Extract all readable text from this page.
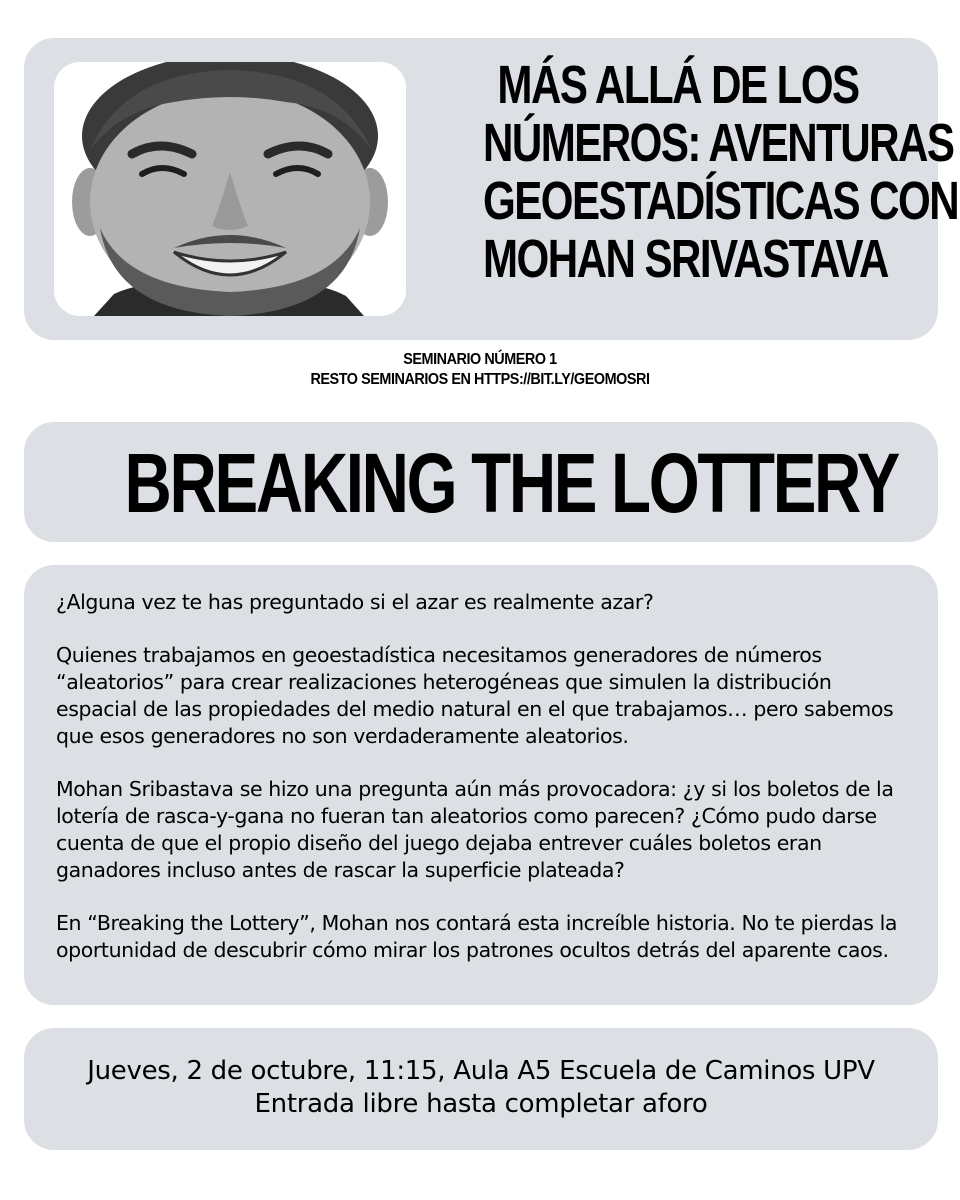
MÁS ALLÁ DE LOS
NÚMEROS: AVENTURAS
GEOESTADÍSTICAS CON
MOHAN SRIVASTAVA
SEMINARIO NÚMERO 1
RESTO SEMINARIOS EN HTTPS://BIT.LY/GEOMOSRI
BREAKING THE LOTTERY

¿Alguna vez te has preguntado si el azar es realmente azar?

Quienes trabajamos en geoestadística necesitamos generadores de números “aleatorios” para crear realizaciones heterogéneas que simulen la distribución espacial de las propiedades del medio natural en el que trabajamos… pero sabemos que esos generadores no son verdaderamente aleatorios.

Mohan Sribastava se hizo una pregunta aún más provocadora: ¿y si los boletos de la lotería de rasca-y-gana no fueran tan aleatorios como parecen? ¿Cómo pudo darse cuenta de que el propio diseño del juego dejaba entrever cuáles boletos eran ganadores incluso antes de rascar la superficie plateada?

En “Breaking the Lottery”, Mohan nos contará esta increíble historia. No te pierdas la oportunidad de descubrir cómo mirar los patrones ocultos detrás del aparente caos.

Jueves, 2 de octubre, 11:15, Aula A5 Escuela de Caminos UPV
Entrada libre hasta completar aforo
